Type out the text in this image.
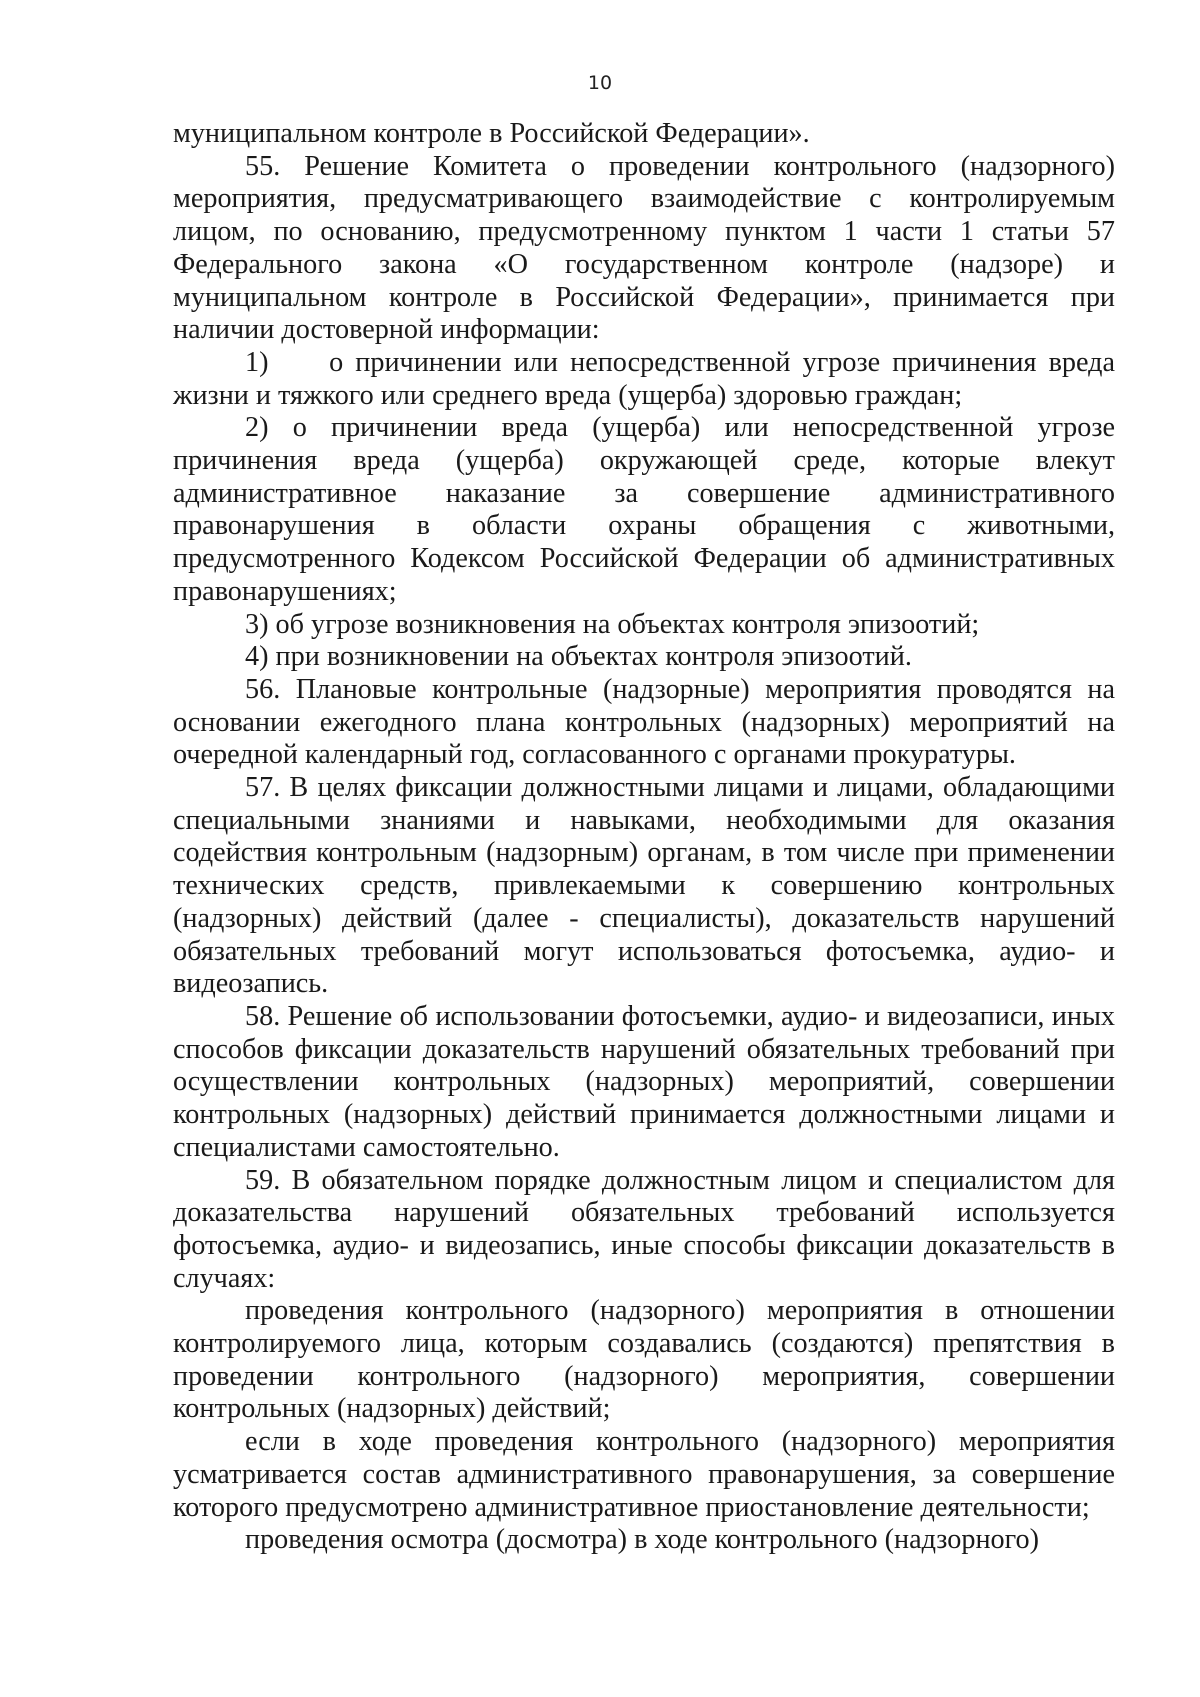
10

муниципальном контроле в Российской Федерации».

55. Решение Комитета о проведении контрольного (надзорного) мероприятия, предусматривающего взаимодействие с контролируемым лицом, по основанию, предусмотренному пунктом 1 части 1 статьи 57 Федерального закона «О государственном контроле (надзоре) и муниципальном контроле в Российской Федерации», принимается при наличии достоверной информации:

1)     о причинении или непосредственной угрозе причинения вреда жизни и тяжкого или среднего вреда (ущерба) здоровью граждан;

2) о причинении вреда (ущерба) или непосредственной угрозе причинения вреда (ущерба) окружающей среде, которые влекут административное наказание за совершение административного правонарушения в области охраны обращения с животными, предусмотренного Кодексом Российской Федерации об административных правонарушениях;

3) об угрозе возникновения на объектах контроля эпизоотий;

4) при возникновении на объектах контроля эпизоотий.

56. Плановые контрольные (надзорные) мероприятия проводятся на основании ежегодного плана контрольных (надзорных) мероприятий на очередной календарный год, согласованного с органами прокуратуры.

57. В целях фиксации должностными лицами и лицами, обладающими специальными знаниями и навыками, необходимыми для оказания содействия контрольным (надзорным) органам, в том числе при применении технических средств, привлекаемыми к совершению контрольных (надзорных) действий (далее - специалисты), доказательств нарушений обязательных требований могут использоваться фотосъемка, аудио- и видеозапись.

58. Решение об использовании фотосъемки, аудио- и видеозаписи, иных способов фиксации доказательств нарушений обязательных требований при осуществлении контрольных (надзорных) мероприятий, совершении контрольных (надзорных) действий принимается должностными лицами и специалистами самостоятельно.

59. В обязательном порядке должностным лицом и специалистом для доказательства нарушений обязательных требований используется фотосъемка, аудио- и видеозапись, иные способы фиксации доказательств в случаях:

проведения контрольного (надзорного) мероприятия в отношении контролируемого лица, которым создавались (создаются) препятствия в проведении контрольного (надзорного) мероприятия, совершении контрольных (надзорных) действий;

если в ходе проведения контрольного (надзорного) мероприятия усматривается состав административного правонарушения, за совершение которого предусмотрено административное приостановление деятельности;

проведения осмотра (досмотра) в ходе контрольного (надзорного)
